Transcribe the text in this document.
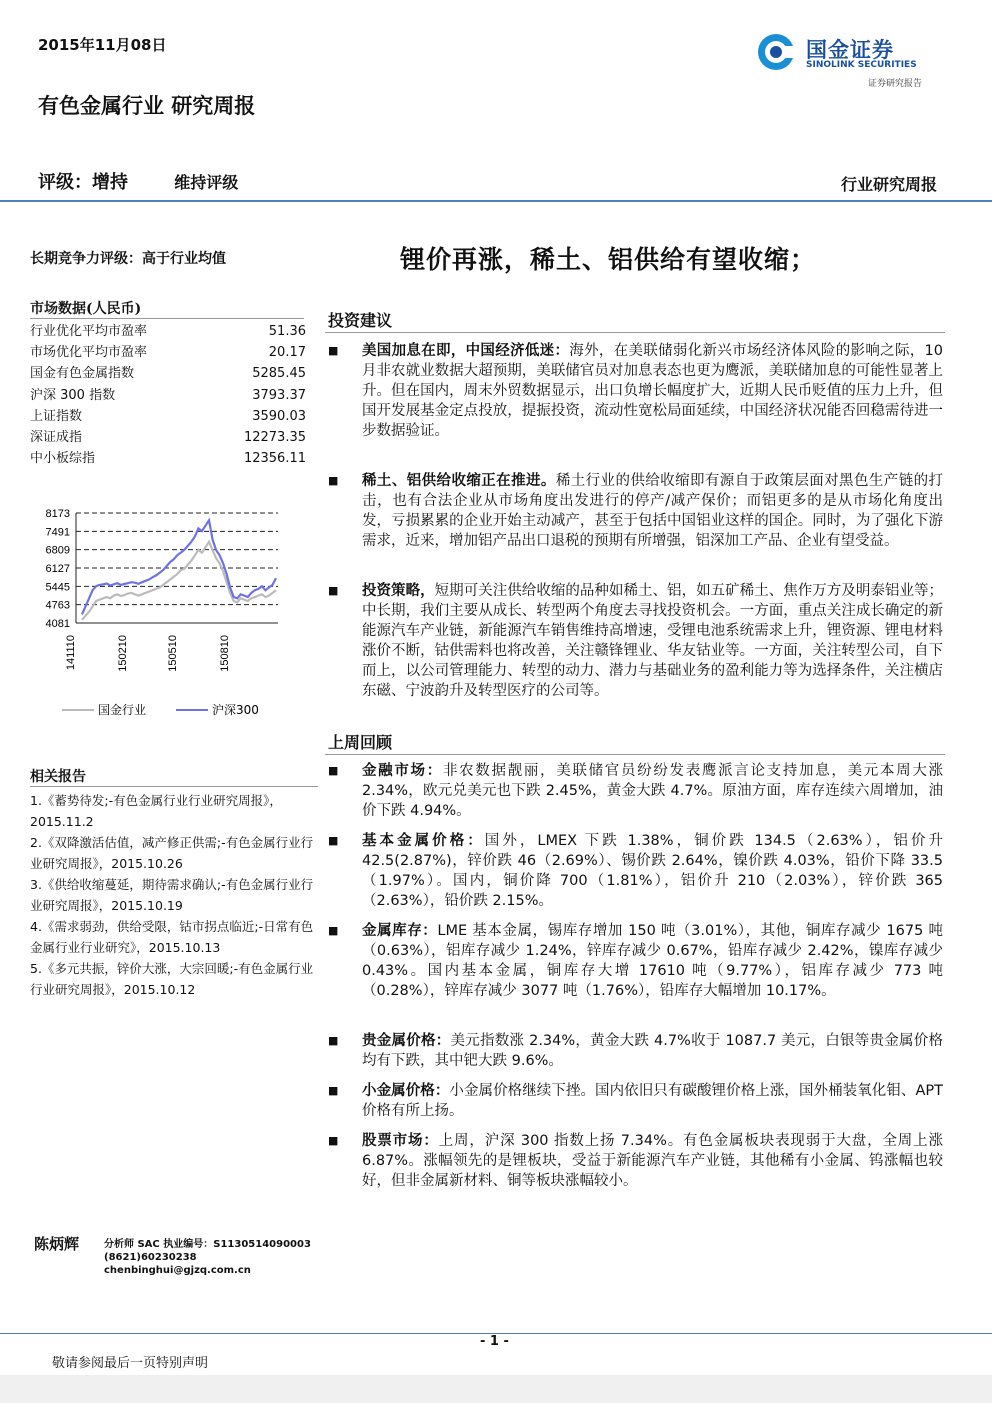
2015年11月08日	国金证券
SINOLINK SECURITIES
证券研究报告
有色金属行业 研究周报
评级：增持	维持评级	行业研究周报
长期竞争力评级：高于行业均值	锂价再涨，稀土、铝供给有望收缩；
市场数据(人民币)
行业优化平均市盈率	51.36
市场优化平均市盈率	20.17
国金有色金属指数	5285.45
沪深 300 指数	3793.37
上证指数	3590.03
深证成指	12273.35
中小板综指	12356.11
8173
7491
6809
6127
5445
4763
4081
141110	150210	150510	150810
国金行业	沪深300
相关报告
1.《蓄势待发;-有色金属行业行业研究周报》，2015.11.2
2.《双降激活估值，减产修正供需;-有色金属行业行业研究周报》，2015.10.26
3.《供给收缩蔓延，期待需求确认;-有色金属行业行业研究周报》，2015.10.19
4.《需求弱劲，供给受限，钴市拐点临近;-日常有色金属行业行业研究》，2015.10.13
5.《多元共振，锌价大涨，大宗回暖;-有色金属行业行业研究周报》，2015.10.12
投资建议
■ 美国加息在即，中国经济低迷：海外，在美联储弱化新兴市场经济体风险的影响之际，10 月非农就业数据大超预期，美联储官员对加息表态也更为鹰派，美联储加息的可能性显著上升。但在国内，周末外贸数据显示，出口负增长幅度扩大，近期人民币贬值的压力上升，但国开发展基金定点投放，提振投资，流动性宽松局面延续，中国经济状况能否回稳需待进一步数据验证。
■ 稀土、铝供给收缩正在推进。稀土行业的供给收缩即有源自于政策层面对黑色生产链的打击，也有合法企业从市场角度出发进行的停产/减产保价；而铝更多的是从市场化角度出发，亏损累累的企业开始主动减产，甚至于包括中国铝业这样的国企。同时，为了强化下游需求，近来，增加铝产品出口退税的预期有所增强，铝深加工产品、企业有望受益。
■ 投资策略，短期可关注供给收缩的品种如稀土、铝，如五矿稀土、焦作万方及明泰铝业等；中长期，我们主要从成长、转型两个角度去寻找投资机会。一方面，重点关注成长确定的新能源汽车产业链，新能源汽车销售维持高增速，受锂电池系统需求上升，锂资源、锂电材料涨价不断，钴供需料也将改善，关注赣锋锂业、华友钴业等。一方面，关注转型公司，自下而上，以公司管理能力、转型的动力、潜力与基础业务的盈利能力等为选择条件，关注横店东磁、宁波韵升及转型医疗的公司等。
上周回顾
■ 金融市场：非农数据靓丽，美联储官员纷纷发表鹰派言论支持加息，美元本周大涨 2.34%，欧元兑美元也下跌 2.45%，黄金大跌 4.7%。原油方面，库存连续六周增加，油价下跌 4.94%。
■ 基本金属价格：国外，LMEX 下跌 1.38%，铜价跌 134.5（2.63%），铝价升 42.5(2.87%)，锌价跌 46（2.69%）、锡价跌 2.64%，镍价跌 4.03%，铅价下降 33.5（1.97%）。国内，铜价降 700（1.81%），铝价升 210（2.03%），锌价跌 365（2.63%），铅价跌 2.15%。
■ 金属库存：LME 基本金属，锡库存增加 150 吨（3.01%），其他，铜库存减少 1675 吨（0.63%），铝库存减少 1.24%，锌库存减少 0.67%，铅库存减少 2.42%，镍库存减少 0.43%。国内基本金属，铜库存大增 17610 吨（9.77%），铝库存减少 773 吨（0.28%），锌库存减少 3077 吨（1.76%），铅库存大幅增加 10.17%。
■ 贵金属价格：美元指数涨 2.34%，黄金大跌 4.7%收于 1087.7 美元，白银等贵金属价格均有下跌，其中钯大跌 9.6%。
■ 小金属价格：小金属价格继续下挫。国内依旧只有碳酸锂价格上涨，国外桶装氧化钼、APT 价格有所上扬。
■ 股票市场：上周，沪深 300 指数上扬 7.34%。有色金属板块表现弱于大盘，全周上涨 6.87%。涨幅领先的是锂板块，受益于新能源汽车产业链，其他稀有小金属、钨涨幅也较好，但非金属新材料、铜等板块涨幅较小。
陈炳辉 分析师 SAC 执业编号：S1130514090003
(8621)60230238
chenbinghui@gjzq.com.cn
- 1 -
敬请参阅最后一页特别声明
